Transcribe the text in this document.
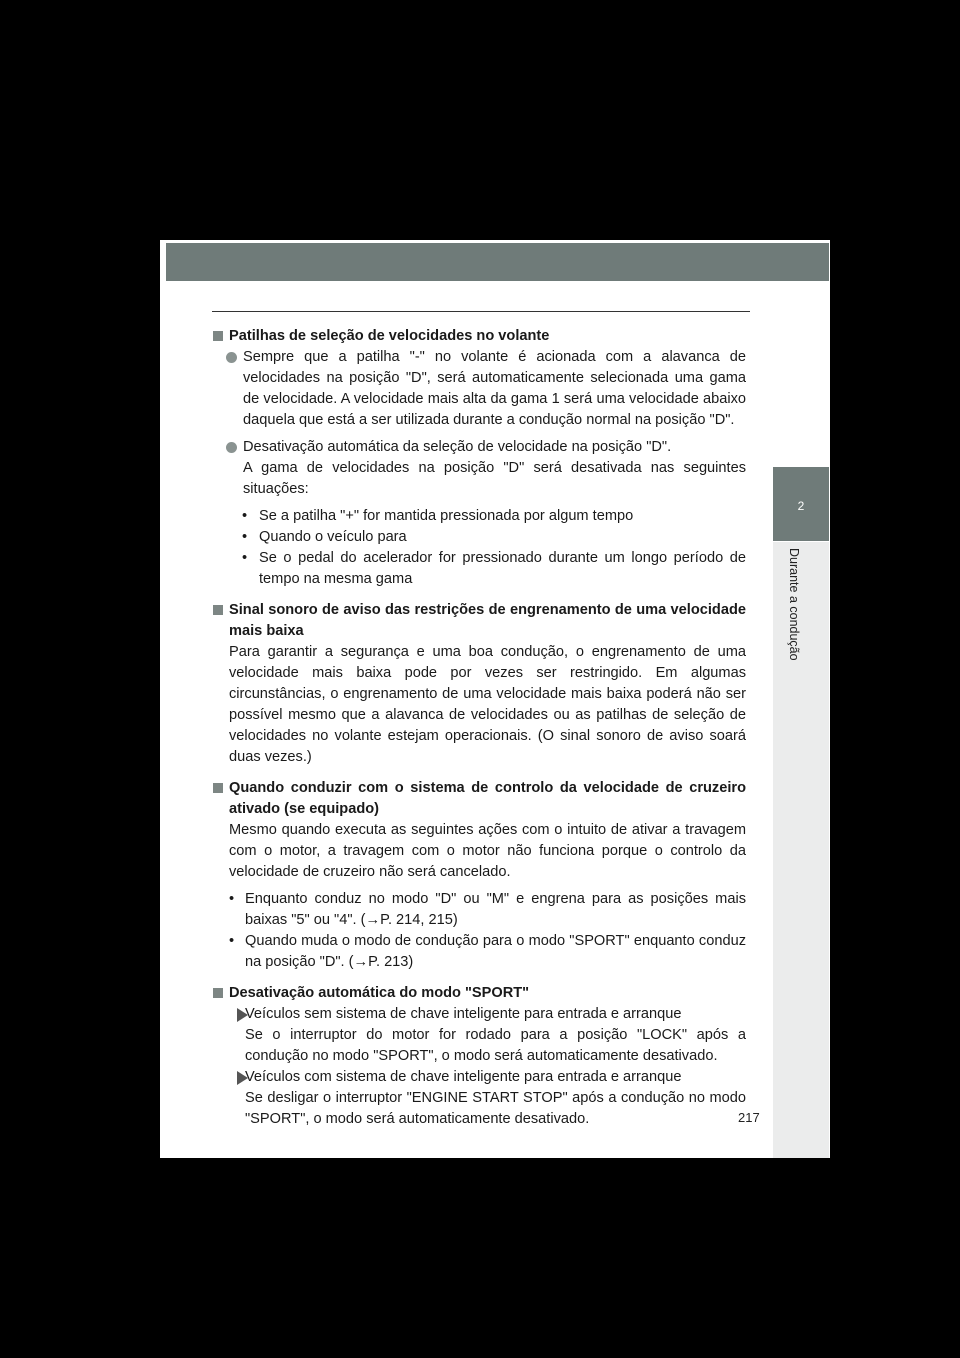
2
Durante a condução

Patilhas de seleção de velocidades no volante

Sempre que a patilha "-" no volante é acionada com a alavanca de velocidades na posição "D", será automaticamente selecionada uma gama de velocidade. A velocidade mais alta da gama 1 será uma velocidade abaixo daquela que está a ser utilizada durante a condução normal na posição "D".

Desativação automática da seleção de velocidade na posição "D".

A gama de velocidades na posição "D" será desativada nas seguintes situações:

• Se a patilha "+" for mantida pressionada por algum tempo
• Quando o veículo para
• Se o pedal do acelerador for pressionado durante um longo período de tempo na mesma gama

Sinal sonoro de aviso das restrições de engrenamento de uma velocidade mais baixa

Para garantir a segurança e uma boa condução, o engrenamento de uma velocidade mais baixa pode por vezes ser restringido. Em algumas circunstâncias, o engrenamento de uma velocidade mais baixa poderá não ser possível mesmo que a alavanca de velocidades ou as patilhas de seleção de velocidades no volante estejam operacionais. (O sinal sonoro de aviso soará duas vezes.)

Quando conduzir com o sistema de controlo da velocidade de cruzeiro ativado (se equipado)

Mesmo quando executa as seguintes ações com o intuito de ativar a travagem com o motor, a travagem com o motor não funciona porque o controlo da velocidade de cruzeiro não será cancelado.

• Enquanto conduz no modo "D" ou "M" e engrena para as posições mais baixas "5" ou "4". (→P. 214, 215)
• Quando muda o modo de condução para o modo "SPORT" enquanto conduz na posição "D". (→P. 213)

Desativação automática do modo "SPORT"

Veículos sem sistema de chave inteligente para entrada e arranque

Se o interruptor do motor for rodado para a posição "LOCK" após a condução no modo "SPORT", o modo será automaticamente desativado.

Veículos com sistema de chave inteligente para entrada e arranque

Se desligar o interruptor "ENGINE START STOP" após a condução no modo "SPORT", o modo será automaticamente desativado.	217
